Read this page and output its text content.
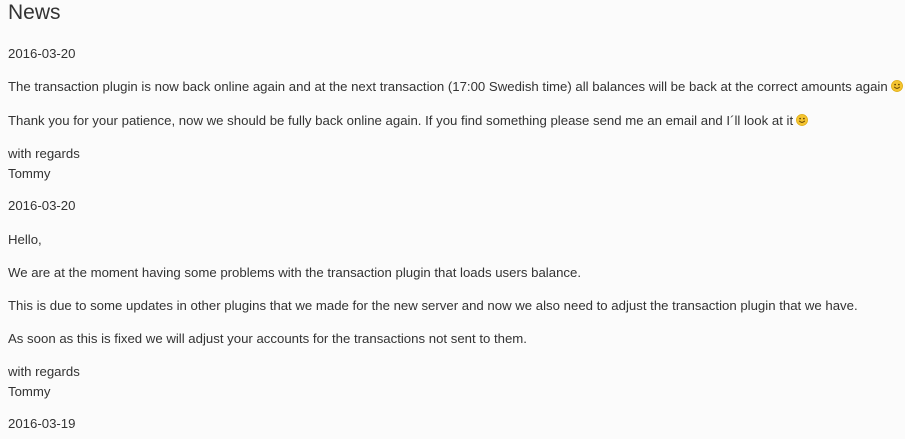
News
2016-03-20
The transaction plugin is now back online again and at the next transaction (17:00 Swedish time) all balances will be back at the correct amounts again
Thank you for your patience, now we should be fully back online again. If you find something please send me an email and I´ll look at it
with regards
Tommy
2016-03-20
Hello,
We are at the moment having some problems with the transaction plugin that loads users balance.
This is due to some updates in other plugins that we made for the new server and now we also need to adjust the transaction plugin that we have.
As soon as this is fixed we will adjust your accounts for the transactions not sent to them.
with regards
Tommy
2016-03-19
